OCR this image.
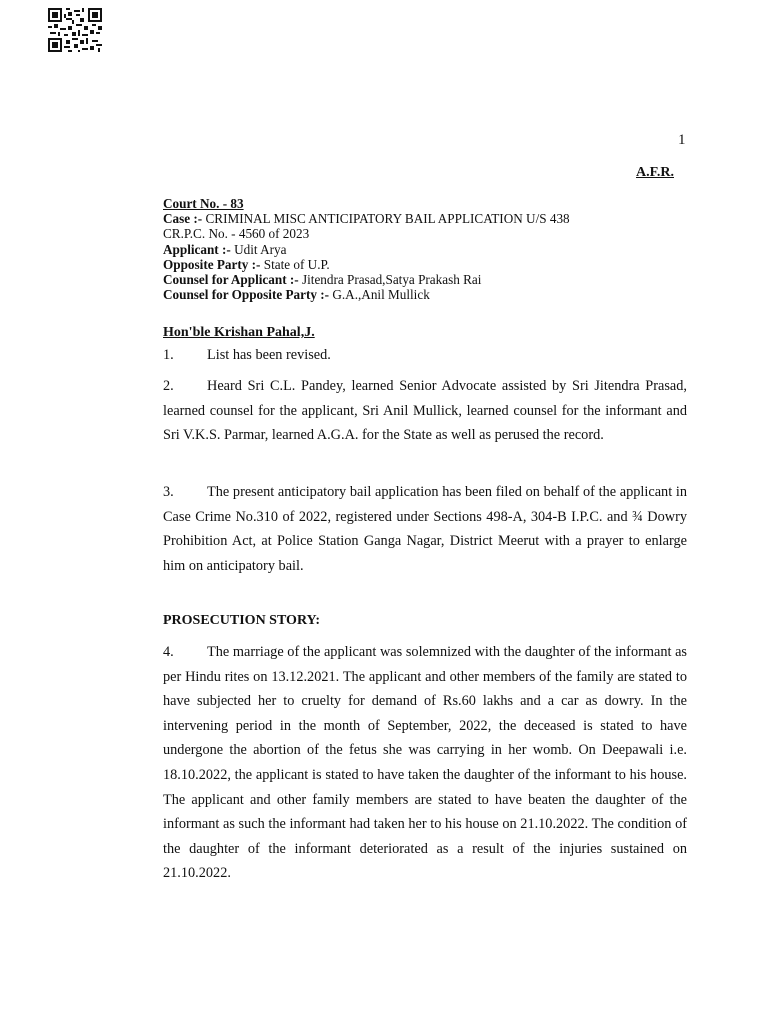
1
A.F.R.
Court No. - 83
Case :- CRIMINAL MISC ANTICIPATORY BAIL APPLICATION U/S 438
CR.P.C. No. - 4560 of 2023
Applicant :- Udit Arya
Opposite Party :- State of U.P.
Counsel for Applicant :- Jitendra Prasad,Satya Prakash Rai
Counsel for Opposite Party :- G.A.,Anil Mullick
Hon'ble Krishan Pahal,J.
1. List has been revised.
2. Heard Sri C.L. Pandey, learned Senior Advocate assisted by Sri Jitendra Prasad, learned counsel for the applicant, Sri Anil Mullick, learned counsel for the informant and Sri V.K.S. Parmar, learned A.G.A. for the State as well as perused the record.
3. The present anticipatory bail application has been filed on behalf of the applicant in Case Crime No.310 of 2022, registered under Sections 498-A, 304-B I.P.C. and ¾ Dowry Prohibition Act, at Police Station Ganga Nagar, District Meerut with a prayer to enlarge him on anticipatory bail.
PROSECUTION STORY:
4. The marriage of the applicant was solemnized with the daughter of the informant as per Hindu rites on 13.12.2021. The applicant and other members of the family are stated to have subjected her to cruelty for demand of Rs.60 lakhs and a car as dowry. In the intervening period in the month of September, 2022, the deceased is stated to have undergone the abortion of the fetus she was carrying in her womb. On Deepawali i.e. 18.10.2022, the applicant is stated to have taken the daughter of the informant to his house. The applicant and other family members are stated to have beaten the daughter of the informant as such the informant had taken her to his house on 21.10.2022. The condition of the daughter of the informant deteriorated as a result of the injuries sustained on 21.10.2022.
